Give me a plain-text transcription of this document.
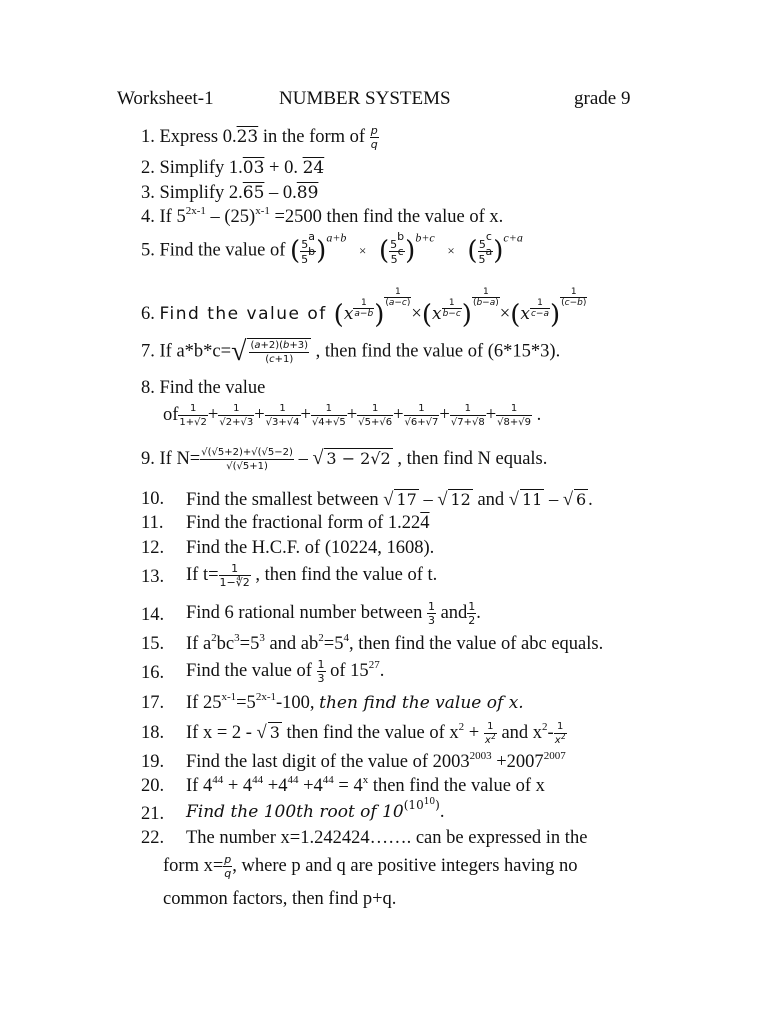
Worksheet-1	NUMBER SYSTEMS	grade 9
1. Express 0.23 in the form of $\frac{p}{q}$
2. Simplify 1.03 + 0. 24
3. Simplify 2.65 – 0.89
4. If $5^{2x-1} - (25)^{x-1} =2500$ then find the value of x.
5. Find the value of ( $\frac{5^a}{5^b} )^{a+b}$ × ( $\frac{5^b}{5^c} )^{b+c}$ × ( $\frac{5^c}{5^a} )^{c+a}$
6. Find the value of (x $^{\frac{1}{a-b}}$ )
$^{\frac{1}{(a-c)}}$
×(x $^{\frac{1}{b-c}}$ )
$^{\frac{1}{(b-a)}}$
×(x $^{\frac{1}{c-a}}$ )
$^{\frac{1}{(c-b)}}$
7. If $a*b*c=√ \frac{(a+2)(b+3)}{(c+1)}$ , then find the value of (6*15*3).
8. Find the value
of $\frac{1}{1+√2} + \frac{1}{√2+√3} + \frac{1}{√3+√4} + \frac{1}{√4+√5} + \frac{1}{√5+√6} + \frac{1}{√6+√7} + \frac{1}{√7+√8} + \frac{1}{√8+√9}$ .
9. If $N= \frac{√(√5+2)+√(√5-2)}{√(√5+1)}$ – √ 3 − 2√2 , then find N equals.
10. Find the smallest between √ 17 – √ 12 and √ 11 – √ 6 .
11. Find the fractional form of 1.224
12. Find the H.C.F. of (10224, 1608).
13. If $t= \frac{1}{1-∜2}$ , then find the value of t.
14. Find 6 rational number between $\frac{1}{3}$ and $\frac{1}{2}$ .
15. If $a^2bc^3=5^3$ and $ab^2=5^4$, then find the value of abc equals.
16. Find the value of $\frac{1}{3}$ of $15^{27}$.
17. If $25^{x-1}=5^{2x-1}-100$, then find the value of x.
18. If x = 2 - √ 3 then find the value of $x^2 + \frac{1}{x^2}$ and $x^2- \frac{1}{x^2}$
19. Find the last digit of the value of $2003^{2003} +2007^{2007}$
20. If $4^{44} + 4^{44} +4^{44} +4^{44} = 4^x$ then find the value of x
21. Find the 100th root of $10^{(10^{10})}$.
22. The number x=1.242424……. can be expressed in the
form $x= \frac{p}{q}$ , where p and q are positive integers having no
common factors, then find p+q.
